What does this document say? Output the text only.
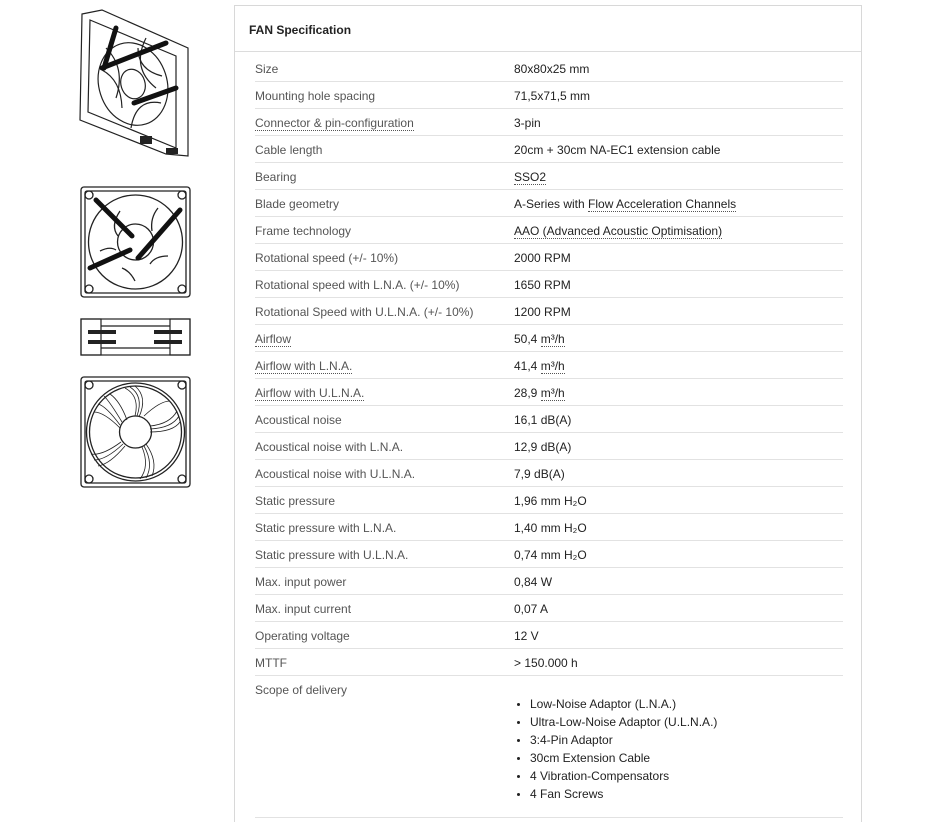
FAN Specification
Size	80x80x25 mm
Mounting hole spacing	71,5x71,5 mm
Connector & pin-configuration	3-pin
Cable length	20cm + 30cm NA-EC1 extension cable
Bearing	SSO2
Blade geometry	A-Series with Flow Acceleration Channels
Frame technology	AAO (Advanced Acoustic Optimisation)
Rotational speed (+/- 10%)	2000 RPM
Rotational speed with L.N.A. (+/- 10%)	1650 RPM
Rotational Speed with U.L.N.A. (+/- 10%)	1200 RPM
Airflow	50,4 m³/h
Airflow with L.N.A.	41,4 m³/h
Airflow with U.L.N.A.	28,9 m³/h
Acoustical noise	16,1 dB(A)
Acoustical noise with L.N.A.	12,9 dB(A)
Acoustical noise with U.L.N.A.	7,9 dB(A)
Static pressure	1,96 mm H₂O
Static pressure with L.N.A.	1,40 mm H₂O
Static pressure with U.L.N.A.	0,74 mm H₂O
Max. input power	0,84 W
Max. input current	0,07 A
Operating voltage	12 V
MTTF	> 150.000 h
Scope of delivery
• Low-Noise Adaptor (L.N.A.)
• Ultra-Low-Noise Adaptor (U.L.N.A.)
• 3:4-Pin Adaptor
• 30cm Extension Cable
• 4 Vibration-Compensators
• 4 Fan Screws
